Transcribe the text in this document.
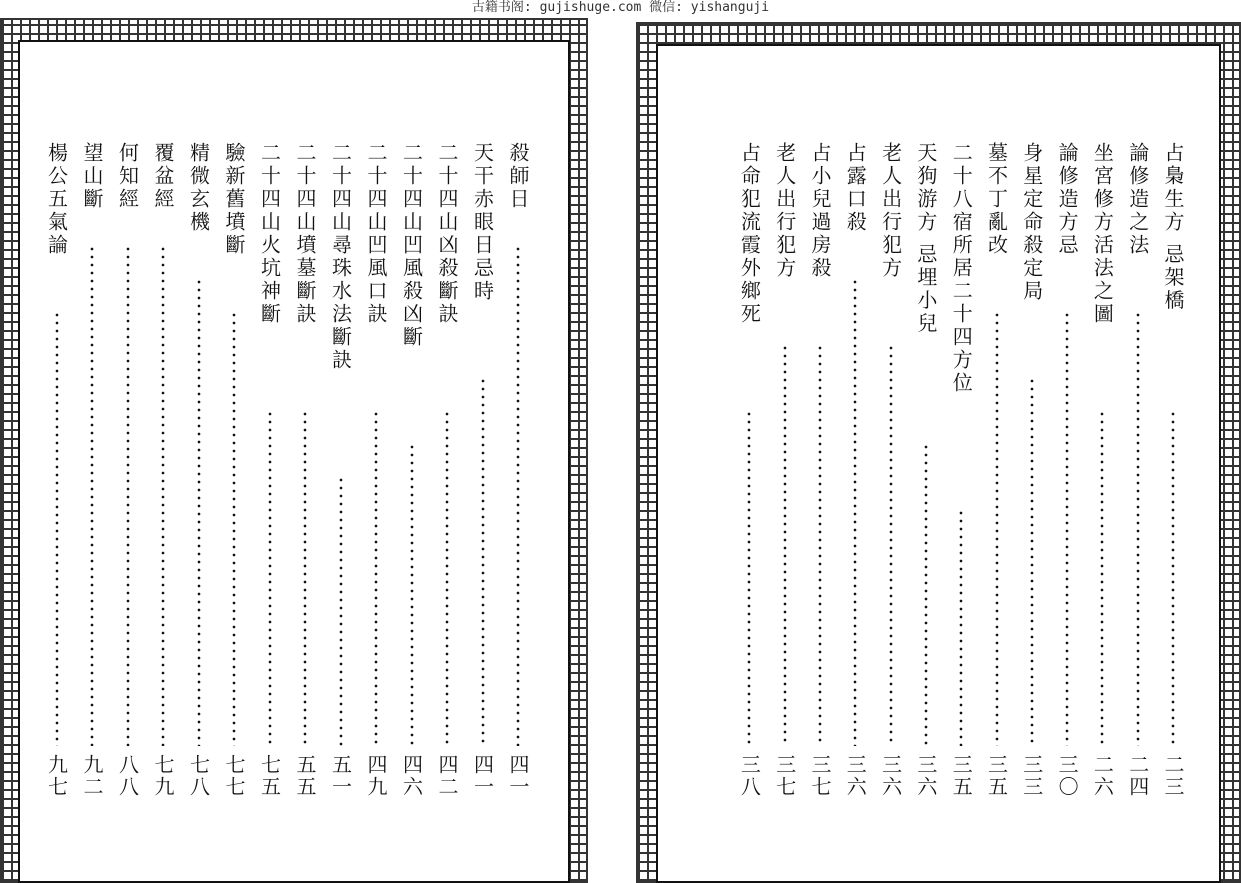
古籍书阁: gujishuge.com 微信: yishanguji
殺師日
四一
天干赤眼日忌時
四一
二十四山凶殺斷訣
四二
二十四山凹風殺凶斷
四六
二十四山凹風口訣
四九
二十四山尋珠水法斷訣
五一
二十四山墳墓斷訣
五五
二十四山火坑神斷
七五
驗新舊墳斷
七七
精微玄機
七八
覆盆經
七九
何知經
八八
望山斷
九二
楊公五氣論
九七
占梟生方 忌架橋
二三
論修造之法
二四
坐宮修方活法之圖
二六
論修造方忌
三〇
身星定命殺定局
三三
墓不丁亂改
三五
二十八宿所居二十四方位
三五
天狗游方 忌埋小兒
三六
老人出行犯方
三六
占露口殺
三六
占小兒過房殺
三七
老人出行犯方
三七
占命犯流霞外鄉死
三八
